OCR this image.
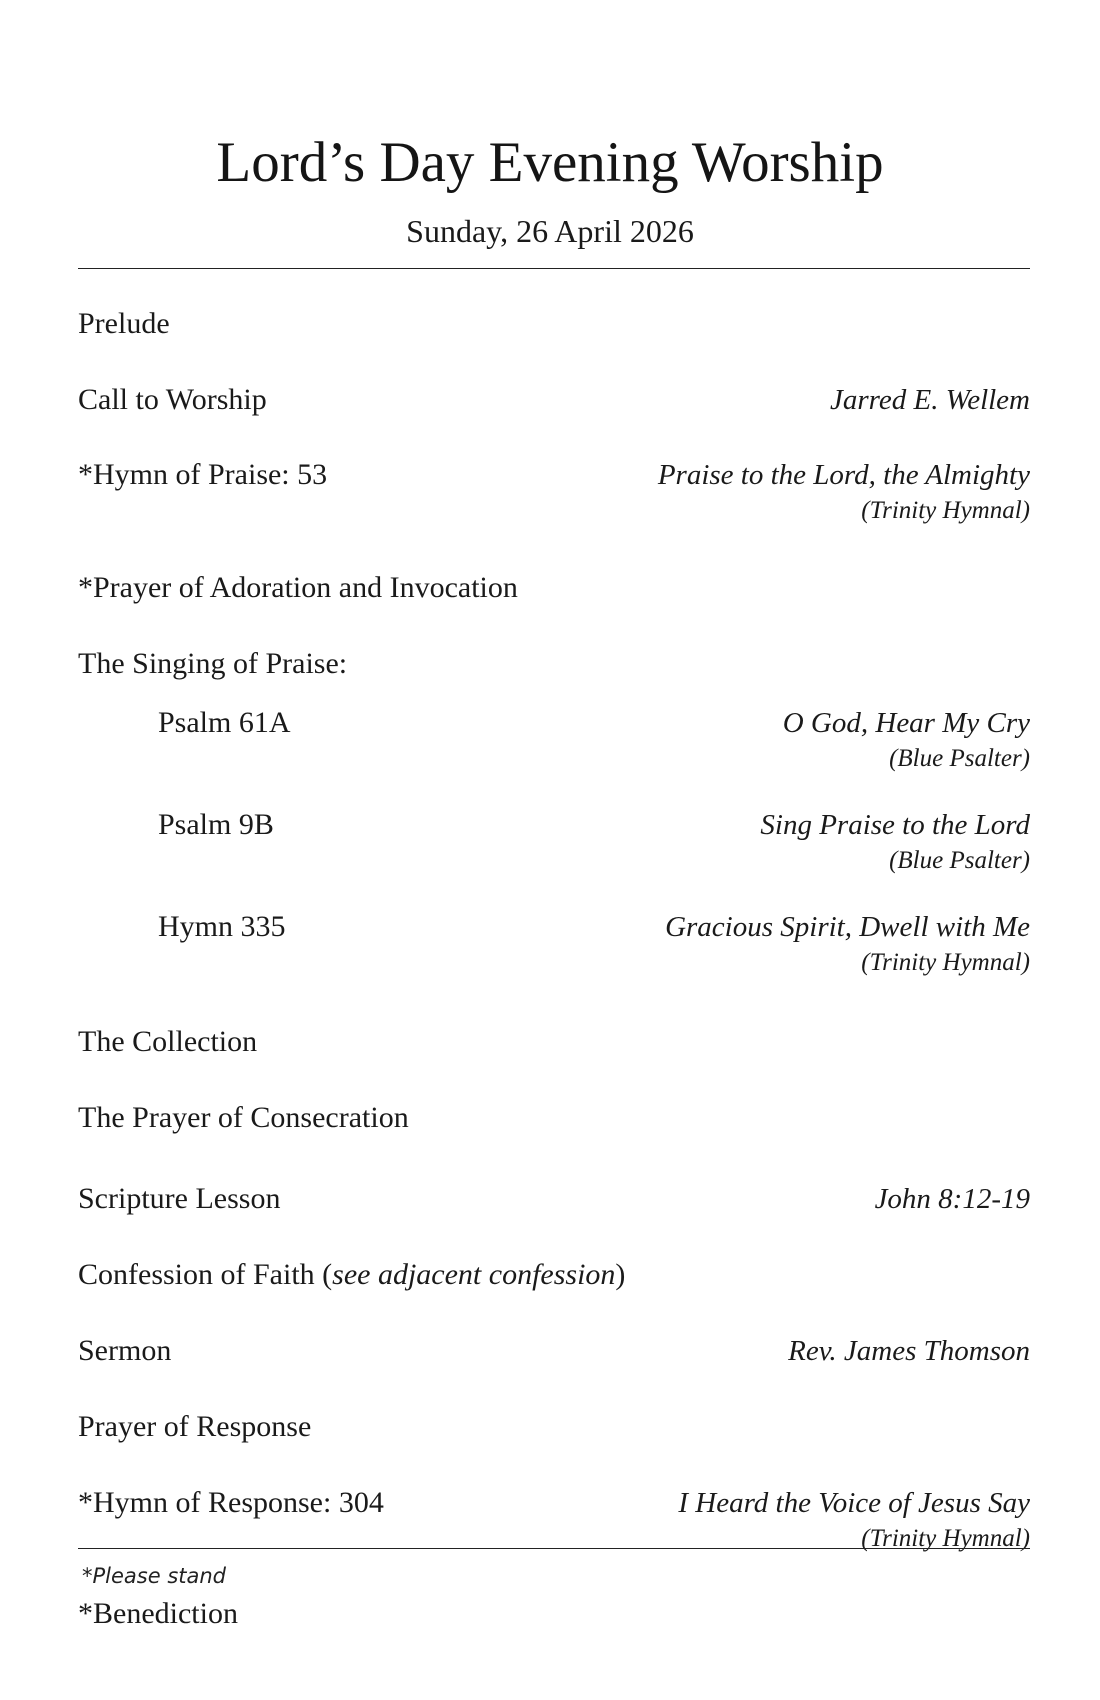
Lord’s Day Evening Worship
Sunday, 26 April 2026
Prelude
Call to Worship	Jarred E. Wellem
*Hymn of Praise: 53	Praise to the Lord, the Almighty
(Trinity Hymnal)
*Prayer of Adoration and Invocation
The Singing of Praise:
Psalm 61A	O God, Hear My Cry
(Blue Psalter)
Psalm 9B	Sing Praise to the Lord
(Blue Psalter)
Hymn 335	Gracious Spirit, Dwell with Me
(Trinity Hymnal)
The Collection
The Prayer of Consecration
Scripture Lesson	John 8:12-19
Confession of Faith (see adjacent confession)
Sermon	Rev. James Thomson
Prayer of Response
*Hymn of Response: 304	I Heard the Voice of Jesus Say
(Trinity Hymnal)
*Please stand
*Benediction
